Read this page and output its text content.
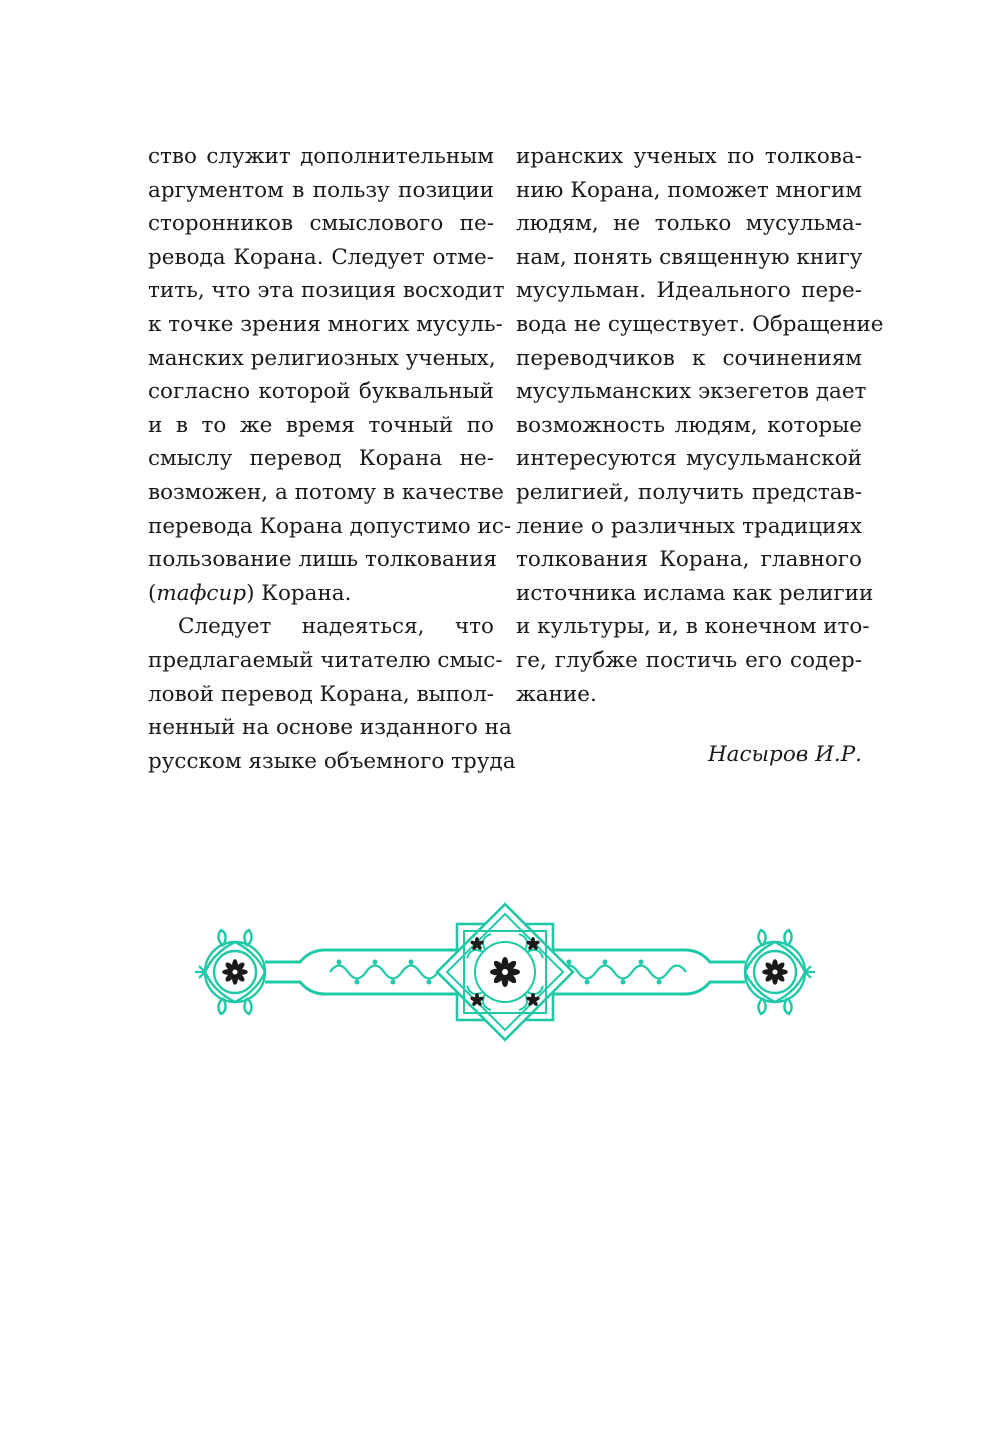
ство служит дополнительным
аргументом в пользу позиции
сторонников смыслового пе-
ревода Корана. Следует отме-
тить, что эта позиция восходит
к точке зрения многих мусуль-
манских религиозных ученых,
согласно которой буквальный
и в то же время точный по
смыслу перевод Корана не-
возможен, а потому в качестве
перевода Корана допустимо ис-
пользование лишь толкования
(тафсир) Корана.
Следует надеяться, что
предлагаемый читателю смыс-
ловой перевод Корана, выпол-
ненный на основе изданного на
русском языке объемного труда
иранских ученых по толкова-
нию Корана, поможет многим
людям, не только мусульма-
нам, понять священную книгу
мусульман. Идеального пере-
вода не существует. Обращение
переводчиков к сочинениям
мусульманских экзегетов дает
возможность людям, которые
интересуются мусульманской
религией, получить представ-
ление о различных традициях
толкования Корана, главного
источника ислама как религии
и культуры, и, в конечном ито-
ге, глубже постичь его содер-
жание.
Насыров И.Р.
